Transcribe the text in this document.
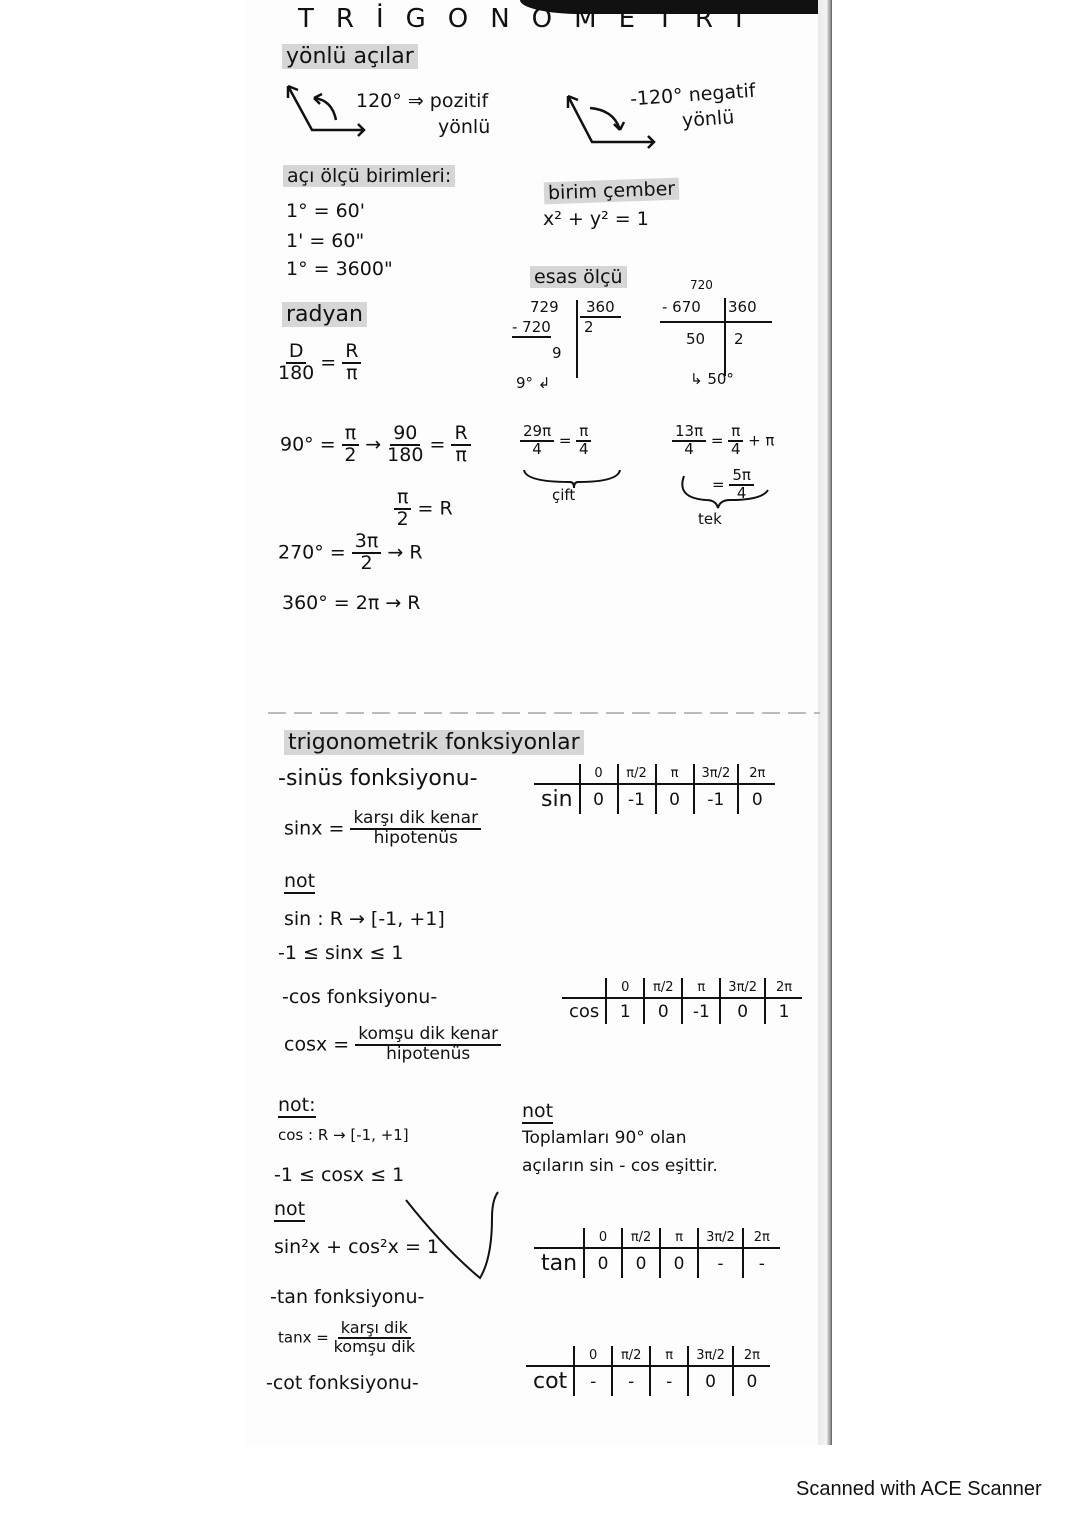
TRİGONOMETRİ
yönlü açılar
120° ⇒ pozitif
yönlü
-120° negatif
yönlü
açı ölçü birimleri:
1° = 60'
1' = 60"
1° = 3600"
birim çember
x² + y² = 1
radyan
$\frac{D}{180} = \frac{R}{\pi}$
$90^\circ = \frac{\pi}{2} \to \frac{90}{180} = \frac{R}{\pi}$
$\frac{\pi}{2} = R$
$270^\circ = \frac{3\pi}{2} \to R$
360° = 2π → R
esas ölçü
729	360
- 720 2
9
9° ↲
720
- 670 360
50 2
↳ 50°
$\frac{29\pi}{4} = \frac{\pi}{4}$
çift
$\frac{13\pi}{4} = \frac{\pi}{4} + \pi$
= $\frac{5\pi}{4}$
tek
trigonometrik fonksiyonlar
-sinüs fonksiyonu-
$\sin x = \frac{\text{karşı dik kenar}}{\text{hipotenüs}}$
	0	π/2	π	3π/2	2π
sin	0	-1	0	-1	0
not
sin : R → [-1, +1]
-1 ≤ sinx ≤ 1
-cos fonksiyonu-
$\cos x = \frac{\text{komşu dik kenar}}{\text{hipotenüs}}$
	0	π/2	π	3π/2	2π
cos	1	0	-1	0	1
not:
cos : R → [-1, +1]
-1 ≤ cosx ≤ 1
not
Toplamları 90° olan
açıların sin - cos eşittir.
not
sin²x + cos²x = 1
-tan fonksiyonu-
$\tan x = \frac{\text{karşı dik}}{\text{komşu dik}}$
	0	π/2	π	3π/2	2π
tan	0	0	0	-	-
-cot fonksiyonu-
	0	π/2	π	3π/2	2π
cot	-	-	-	0	0
Scanned with ACE Scanner
